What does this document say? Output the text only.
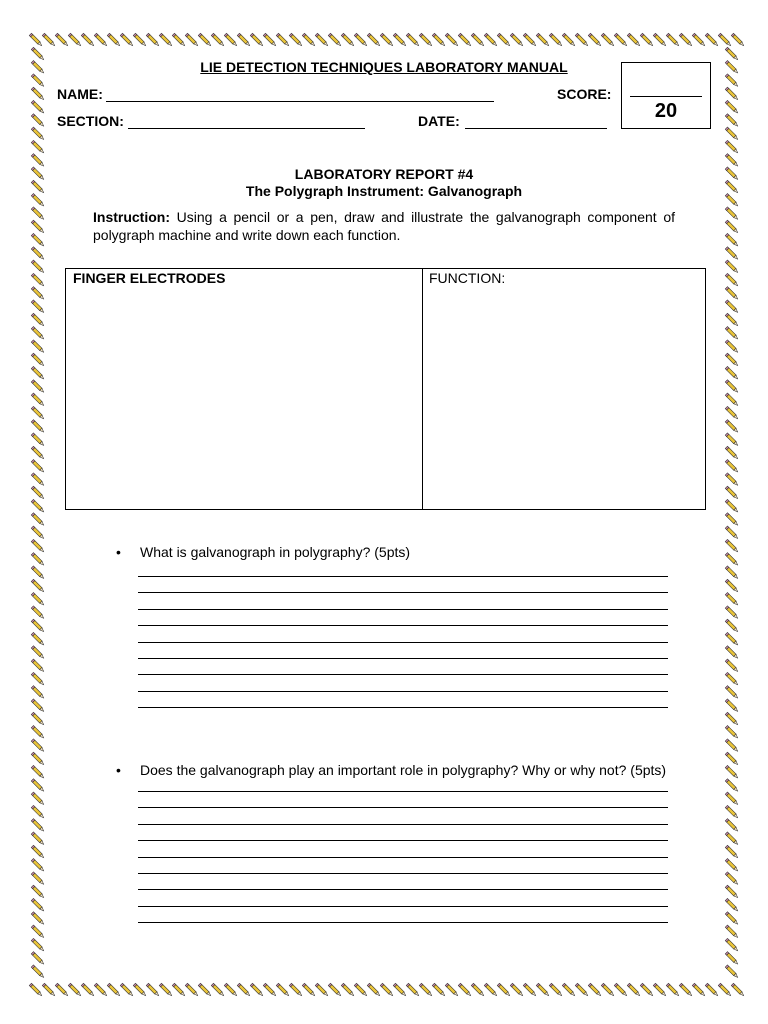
LIE DETECTION TECHNIQUES LABORATORY MANUAL
NAME:	SCORE:
SECTION:	DATE:	20
LABORATORY REPORT #4
The Polygraph Instrument: Galvanograph
Instruction: Using a pencil or a pen, draw and illustrate the galvanograph component of polygraph machine and write down each function.
FINGER ELECTRODES	FUNCTION:
• What is galvanograph in polygraphy? (5pts)
• Does the galvanograph play an important role in polygraphy? Why or why not? (5pts)
